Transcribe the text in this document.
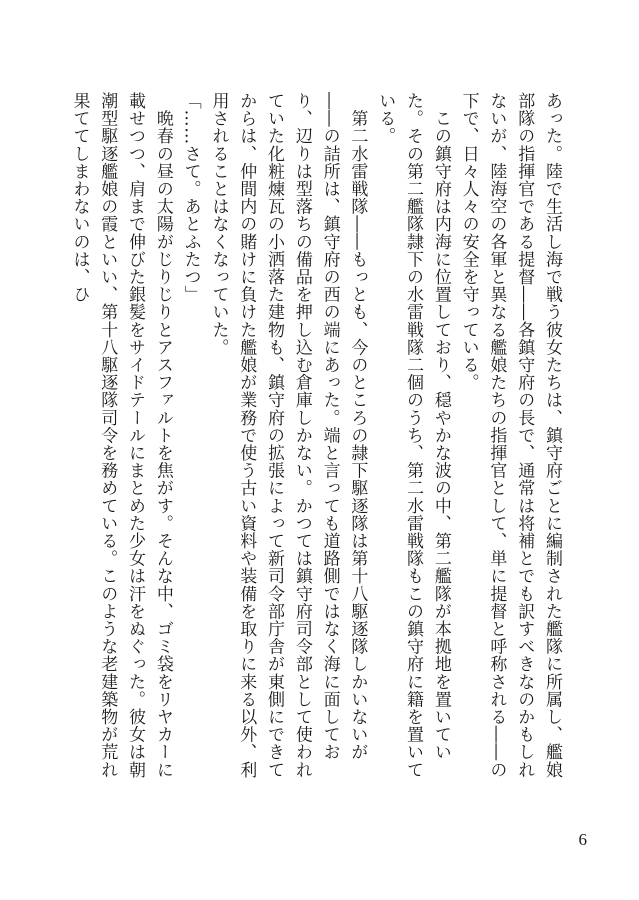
あった。陸で生活し海で戦う彼女たちは、鎮守府ごとに編制された艦隊に所属し、艦娘部隊の指揮官である提督――各鎮守府の長で、通常は将補とでも訳すべきなのかもしれないが、陸海空の各軍と異なる艦娘たちの指揮官として、単に提督と呼称される――の下で、日々人々の安全を守っている。

　この鎮守府は内海に位置しており、穏やかな波の中、第二艦隊が本拠地を置いていた。その第二艦隊隷下の水雷戦隊二個のうち、第二水雷戦隊もこの鎮守府に籍を置いている。

　第二水雷戦隊――もっとも、今のところの隷下駆逐隊は第十八駆逐隊しかいないが――の詰所は、鎮守府の西の端にあった。端と言っても道路側ではなく海に面しており、辺りは型落ちの備品を押し込む倉庫しかない。かつては鎮守府司令部として使われていた化粧煉瓦の小洒落た建物も、鎮守府の拡張によって新司令部庁舎が東側にできてからは、仲間内の賭けに負けた艦娘が業務で使う古い資料や装備を取りに来る以外、利用されることはなくなっていた。

「……さて。あとふたつ」

　晩春の昼の太陽がじりじりとアスファルトを焦がす。そんな中、ゴミ袋をリヤカーに載せつつ、肩まで伸びた銀髪をサイドテールにまとめた少女は汗をぬぐった。彼女は朝潮型駆逐艦娘の霞といい、第十八駆逐隊司令を務めている。このような老建築物が荒れ果ててしまわないのは、ひ

6
